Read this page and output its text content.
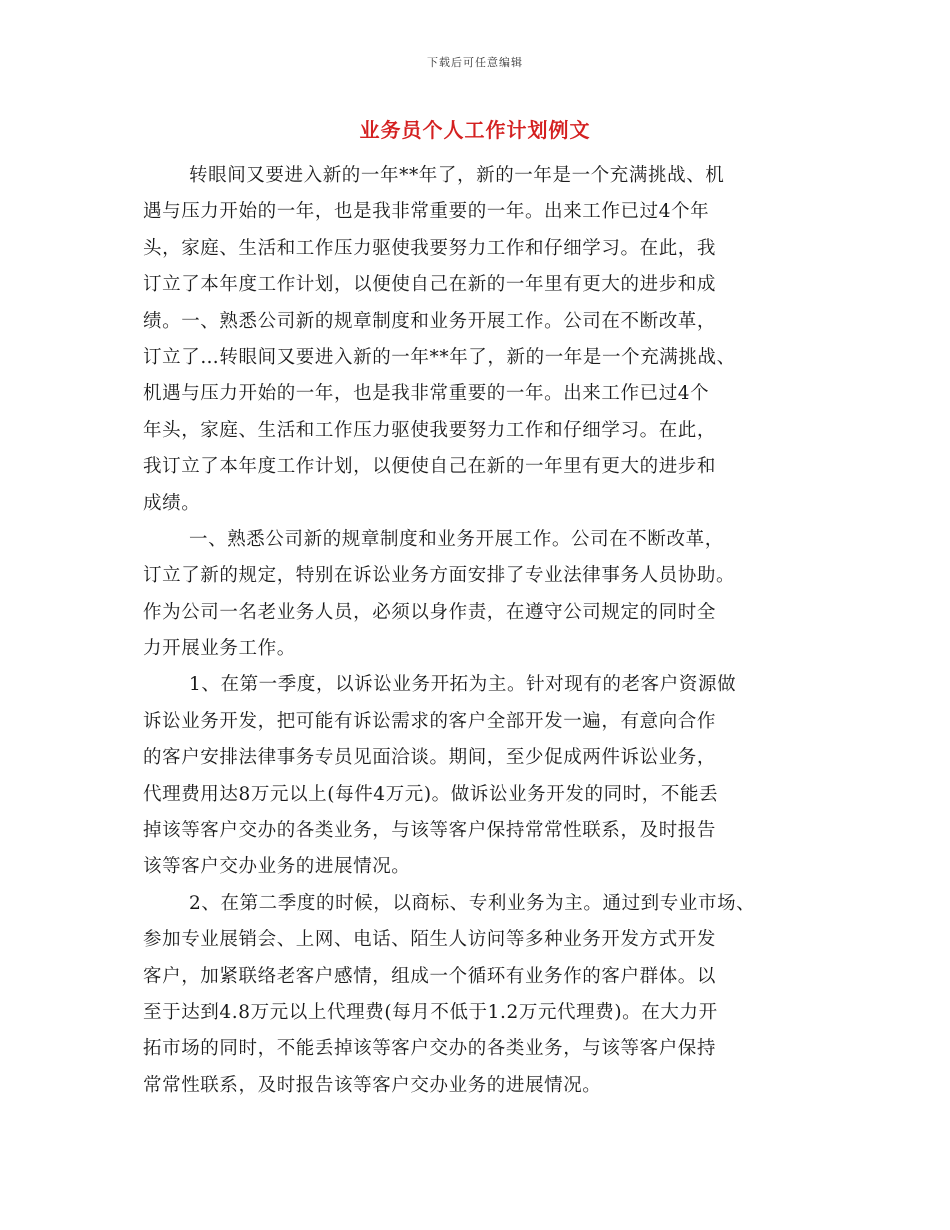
下载后可任意编辑
业务员个人工作计划例文

转眼间又要进入新的一年**年了，新的一年是一个充满挑战、机
遇与压力开始的一年，也是我非常重要的一年。出来工作已过4个年
头，家庭、生活和工作压力驱使我要努力工作和仔细学习。在此，我
订立了本年度工作计划，以便使自己在新的一年里有更大的进步和成
绩。一、熟悉公司新的规章制度和业务开展工作。公司在不断改革，
订立了…转眼间又要进入新的一年**年了，新的一年是一个充满挑战、
机遇与压力开始的一年，也是我非常重要的一年。出来工作已过4个
年头，家庭、生活和工作压力驱使我要努力工作和仔细学习。在此，
我订立了本年度工作计划，以便使自己在新的一年里有更大的进步和
成绩。

一、熟悉公司新的规章制度和业务开展工作。公司在不断改革，
订立了新的规定，特别在诉讼业务方面安排了专业法律事务人员协助。
作为公司一名老业务人员，必须以身作责，在遵守公司规定的同时全
力开展业务工作。

1、在第一季度，以诉讼业务开拓为主。针对现有的老客户资源做
诉讼业务开发，把可能有诉讼需求的客户全部开发一遍，有意向合作
的客户安排法律事务专员见面洽谈。期间，至少促成两件诉讼业务，
代理费用达8万元以上(每件4万元)。做诉讼业务开发的同时，不能丢
掉该等客户交办的各类业务，与该等客户保持常常性联系，及时报告
该等客户交办业务的进展情况。

2、在第二季度的时候，以商标、专利业务为主。通过到专业市场、
参加专业展销会、上网、电话、陌生人访问等多种业务开发方式开发
客户，加紧联络老客户感情，组成一个循环有业务作的客户群体。以
至于达到4.8万元以上代理费(每月不低于1.2万元代理费)。在大力开
拓市场的同时，不能丢掉该等客户交办的各类业务，与该等客户保持
常常性联系，及时报告该等客户交办业务的进展情况。
